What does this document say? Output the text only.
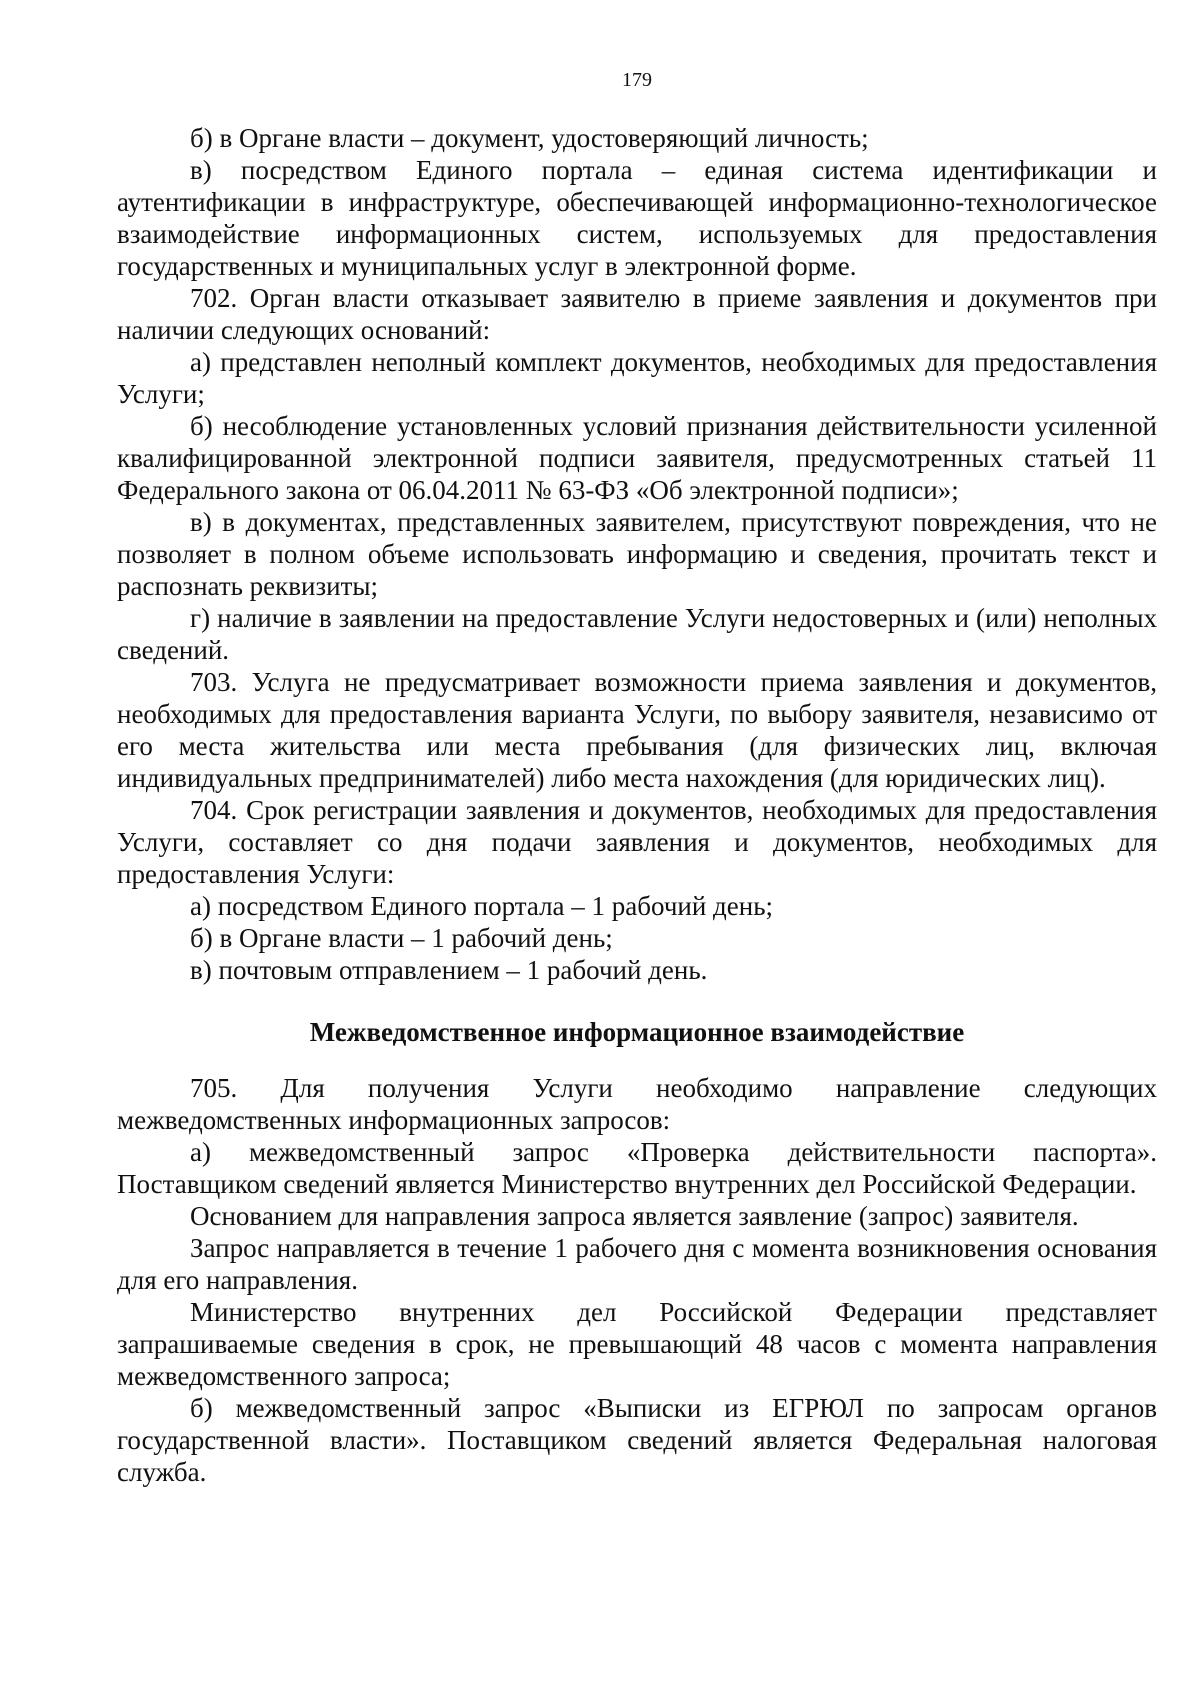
179

б) в Органе власти – документ, удостоверяющий личность;

в) посредством Единого портала – единая система идентификации и аутентификации в инфраструктуре, обеспечивающей информационно-технологическое взаимодействие информационных систем, используемых для предоставления государственных и муниципальных услуг в электронной форме.

702. Орган власти отказывает заявителю в приеме заявления и документов при наличии следующих оснований:

а) представлен неполный комплект документов, необходимых для предоставления Услуги;

б) несоблюдение установленных условий признания действительности усиленной квалифицированной электронной подписи заявителя, предусмотренных статьей 11 Федерального закона от 06.04.2011 № 63-ФЗ «Об электронной подписи»;

в) в документах, представленных заявителем, присутствуют повреждения, что не позволяет в полном объеме использовать информацию и сведения, прочитать текст и распознать реквизиты;

г) наличие в заявлении на предоставление Услуги недостоверных и (или) неполных сведений.

703. Услуга не предусматривает возможности приема заявления и документов, необходимых для предоставления варианта Услуги, по выбору заявителя, независимо от его места жительства или места пребывания (для физических лиц, включая индивидуальных предпринимателей) либо места нахождения (для юридических лиц).

704. Срок регистрации заявления и документов, необходимых для предоставления Услуги, составляет со дня подачи заявления и документов, необходимых для предоставления Услуги:

а) посредством Единого портала – 1 рабочий день;

б) в Органе власти – 1 рабочий день;

в) почтовым отправлением – 1 рабочий день.

Межведомственное информационное взаимодействие

705. Для получения Услуги необходимо направление следующих межведомственных информационных запросов:

а) межведомственный запрос «Проверка действительности паспорта». Поставщиком сведений является Министерство внутренних дел Российской Федерации.

Основанием для направления запроса является заявление (запрос) заявителя.

Запрос направляется в течение 1 рабочего дня с момента возникновения основания для его направления.

Министерство внутренних дел Российской Федерации представляет запрашиваемые сведения в срок, не превышающий 48 часов с момента направления межведомственного запроса;

б) межведомственный запрос «Выписки из ЕГРЮЛ по запросам органов государственной власти». Поставщиком сведений является Федеральная налоговая служба.
